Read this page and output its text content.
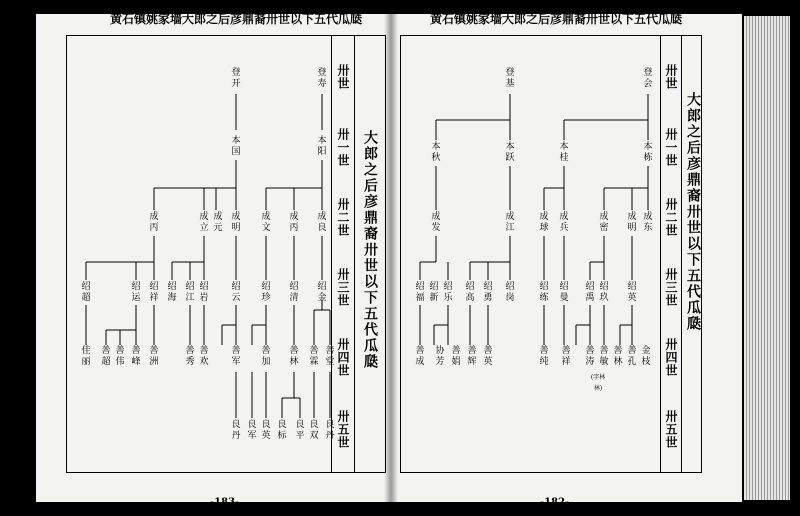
黄石镇姚家墙大郎之后彦鼎裔卅世以下五代瓜瓞
大郎之后彦鼎裔卅世以下五代瓜瓞
卅世
卅一世
卅二世
卅三世
卅四世
卅五世
-183-
登寿
登开
本阳
本国
成良
成丙
成文
成明
成元
成立
成丙
绍金
绍清
绍珍
绍云
绍岩
绍江
绍海
绍祥
绍运
绍超
善堂
善霖
善林
善加
善军
善欢
善秀
善洲
善峰
善伟
善超
佳丽
良丹
良双
良平
良标
良英
良军
良丹
黄石镇姚家墙大郎之后彦鼎裔卅世以下五代瓜瓞
大郎之后彦鼎裔卅世以下五代瓜瓞
卅世
卅一世
卅二世
卅三世
卅四世
卅五世
-182-
登会
登基
本栋
本桂
本跃
本秋
成东
成明
成密
成兵
成球
成江
成发
绍英
绍玖
绍禹
绍曼
绍练
绍岗
绍勇
绍高
绍乐
绍新
绍福
善孔
善林
善敏
善涛
善祥
善纯
善英
善辉
善娟
协芳
善成
(字林林)
金枝
